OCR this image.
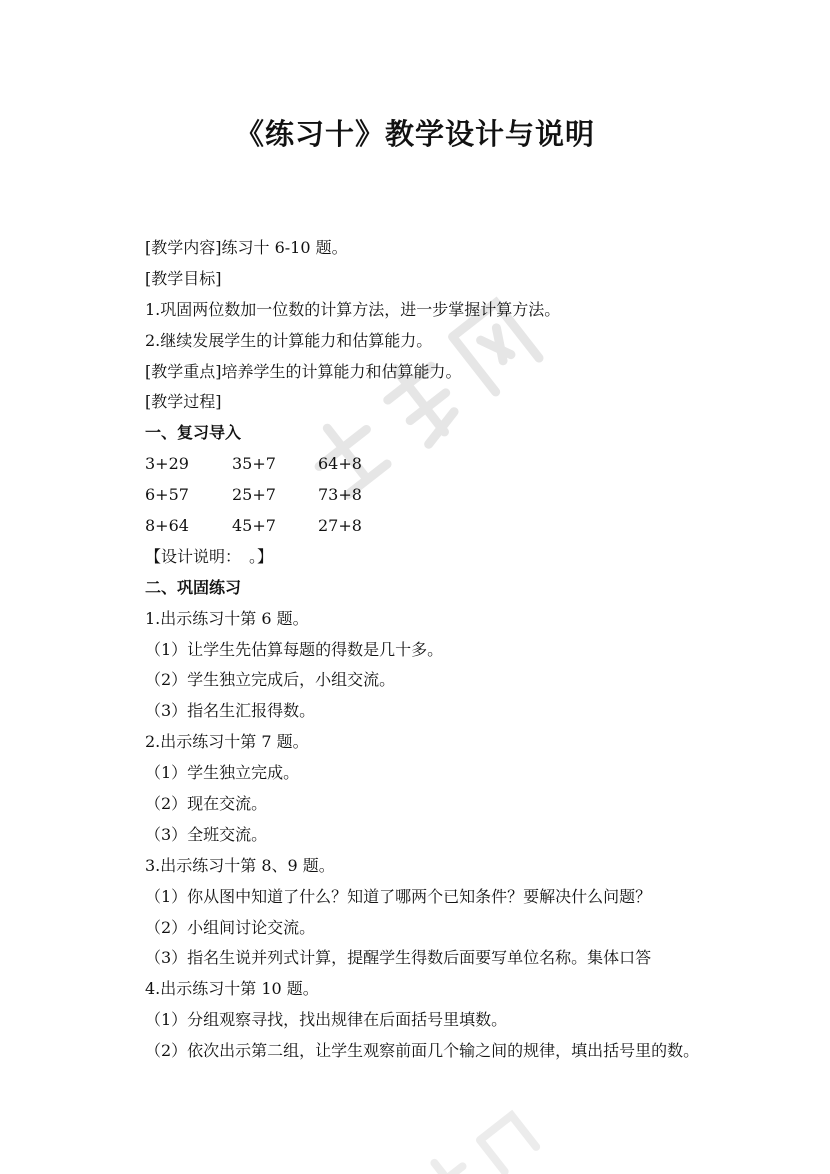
《练习十》教学设计与说明
[教学内容]练习十 6-10 题。
[教学目标]
1.巩固两位数加一位数的计算方法，进一步掌握计算方法。
2.继续发展学生的计算能力和估算能力。
[教学重点]培养学生的计算能力和估算能力。
[教学过程]
一、复习导入
3+29	35+7	64+8
6+57	25+7	73+8
8+64	45+7	27+8
【设计说明：　。】
二、巩固练习
1.出示练习十第 6 题。
（1）让学生先估算每题的得数是几十多。
（2）学生独立完成后，小组交流。
（3）指名生汇报得数。
2.出示练习十第 7 题。
（1）学生独立完成。
（2）现在交流。
（3）全班交流。
3.出示练习十第 8、9 题。
（1）你从图中知道了什么？知道了哪两个已知条件？要解决什么问题？
（2）小组间讨论交流。
（3）指名生说并列式计算，提醒学生得数后面要写单位名称。集体口答
4.出示练习十第 10 题。
（1）分组观察寻找，找出规律在后面括号里填数。
（2）依次出示第二组，让学生观察前面几个输之间的规律，填出括号里的数。
